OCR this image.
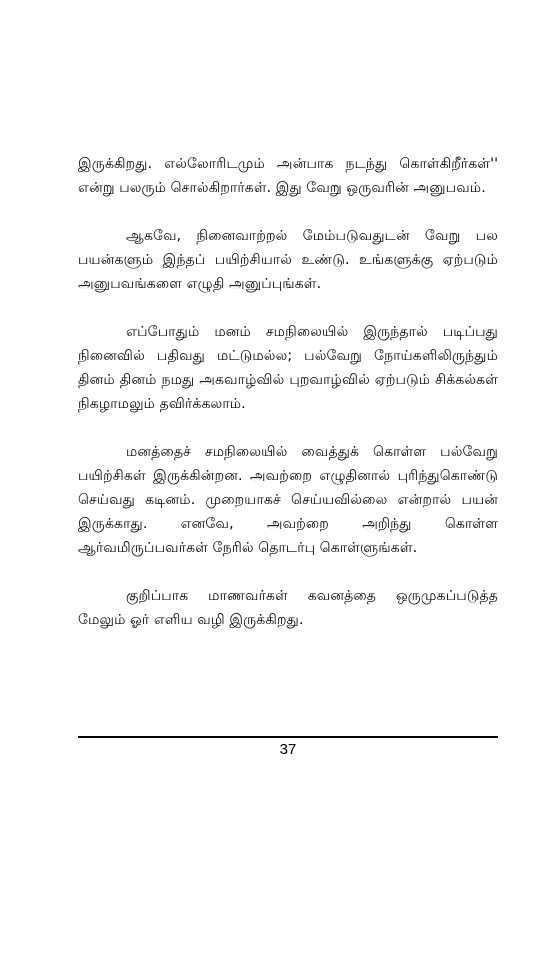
இருக்கிறது. எல்லோரிடமும் அன்பாக நடந்து கொள்கிறீர்கள்'' என்று பலரும் சொல்கிறார்கள். இது வேறு ஒருவரின் அனுபவம்.

ஆகவே, நினைவாற்றல் மேம்படுவதுடன் வேறு பல பயன்களும் இந்தப் பயிற்சியால் உண்டு. உங்களுக்கு ஏற்படும் அனுபவங்களை எழுதி அனுப்புங்கள்.

எப்போதும் மனம் சமநிலையில் இருந்தால் படிப்பது நினைவில் பதிவது மட்டுமல்ல; பல்வேறு நோய்களிலிருந்தும் தினம் தினம் நமது அகவாழ்வில் புறவாழ்வில் ஏற்படும் சிக்கல்கள் நிகழாமலும் தவிர்க்கலாம்.

மனத்தைச் சமநிலையில் வைத்துக் கொள்ள பல்வேறு பயிற்சிகள் இருக்கின்றன. அவற்றை எழுதினால் புரிந்துகொண்டு செய்வது கடினம். முறையாகச் செய்யவில்லை என்றால் பயன் இருக்காது. எனவே, அவற்றை அறிந்து கொள்ள ஆர்வமிருப்பவர்கள் நேரில் தொடர்பு கொள்ளுங்கள்.

குறிப்பாக மாணவர்கள் கவனத்தை ஒருமுகப்படுத்த மேலும் ஓர் எளிய வழி இருக்கிறது.

37
